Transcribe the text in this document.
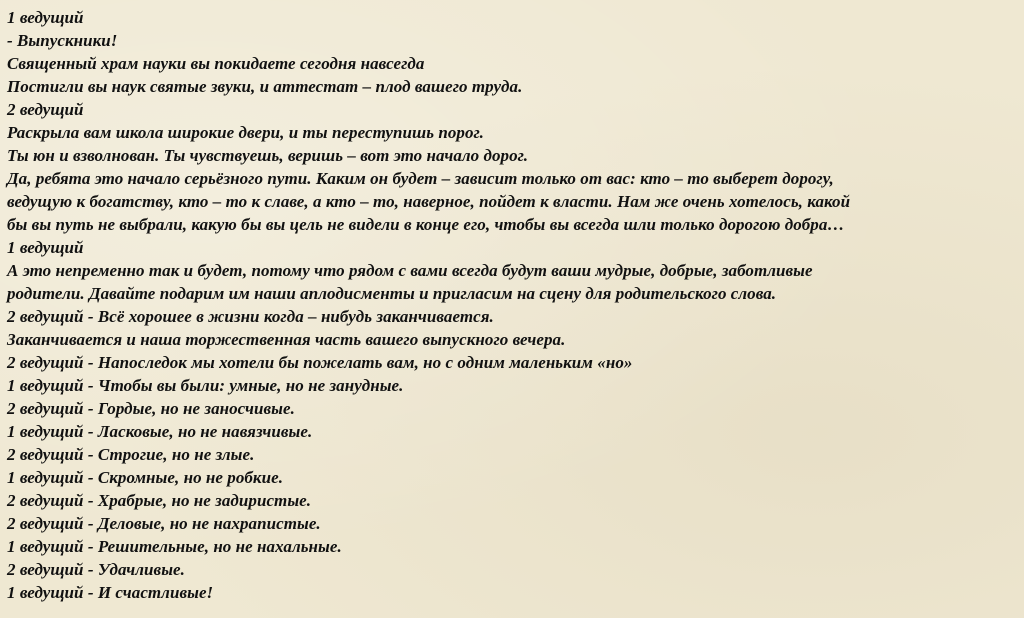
1 ведущий
- Выпускники!
Священный храм науки вы покидаете сегодня навсегда
Постигли вы наук святые звуки, и аттестат – плод вашего труда.
2 ведущий
Раскрыла вам школа широкие двери, и ты переступишь порог.
Ты юн и взволнован. Ты чувствуешь, веришь – вот это начало дорог.
Да, ребята это начало серьёзного пути. Каким он будет – зависит только от вас: кто – то выберет дорогу,
ведущую к богатству, кто – то к славе, а кто – то, наверное, пойдет к власти. Нам же очень хотелось, какой
бы вы путь не выбрали, какую бы вы цель не видели в конце его, чтобы вы всегда шли только дорогою добра…
1 ведущий
А это непременно так и будет, потому что рядом с вами всегда будут ваши мудрые, добрые, заботливые
родители. Давайте подарим им наши аплодисменты и пригласим на сцену для родительского слова.
2 ведущий - Всё хорошее в жизни когда – нибудь заканчивается.
Заканчивается и наша торжественная часть вашего выпускного вечера.
2 ведущий - Напоследок мы хотели бы пожелать вам, но с одним маленьким «но»
1 ведущий - Чтобы вы были: умные, но не занудные.
2 ведущий - Гордые, но не заносчивые.
1 ведущий - Ласковые, но не навязчивые.
2 ведущий - Строгие, но не злые.
1 ведущий - Скромные, но не робкие.
2 ведущий - Храбрые, но не задиристые.
2 ведущий - Деловые, но не нахрапистые.
1 ведущий - Решительные, но не нахальные.
2 ведущий - Удачливые.
1 ведущий - И счастливые!
